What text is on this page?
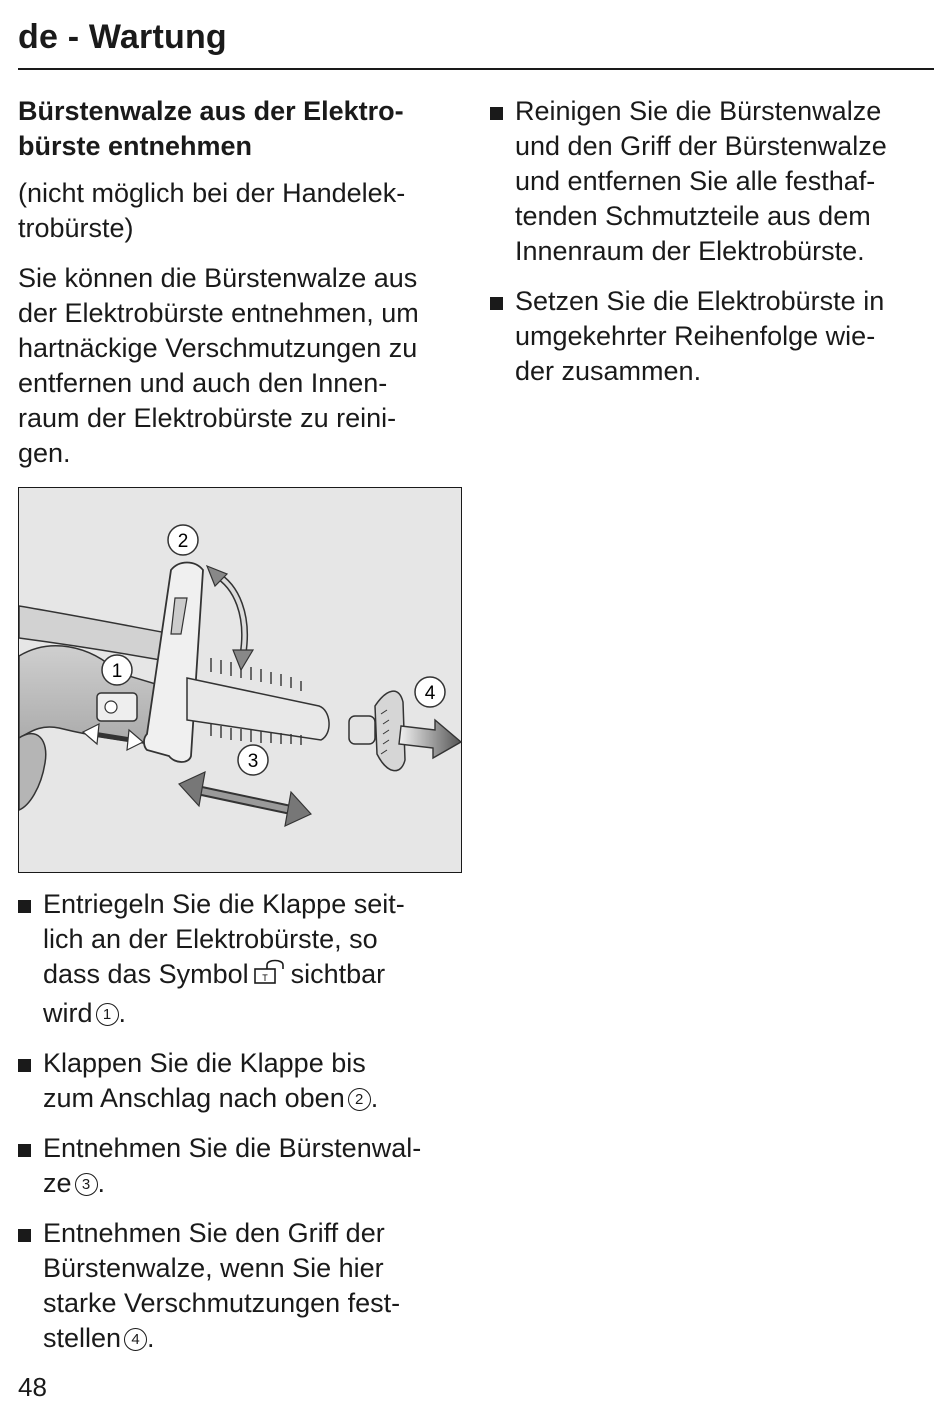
de - Wartung
Bürstenwalze aus der Elektro-
bürste entnehmen

(nicht möglich bei der Handelek-
trobürste)

Sie können die Bürstenwalze aus
der Elektrobürste entnehmen, um
hartnäckige Verschmutzungen zu
entfernen und auch den Innen-
raum der Elektrobürste zu reini-
gen.

1
2
3
4
Entriegeln Sie die Klappe seit-
lich an der Elektrobürste, so
dass das Symbol T sichtbar
wird 1 .
Klappen Sie die Klappe bis
zum Anschlag nach oben 2 .
Entnehmen Sie die Bürstenwal-
ze 3 .
Entnehmen Sie den Griff der
Bürstenwalze, wenn Sie hier
starke Verschmutzungen fest-
stellen 4 .
Reinigen Sie die Bürstenwalze
und den Griff der Bürstenwalze
und entfernen Sie alle festhaf-
tenden Schmutzteile aus dem
Innenraum der Elektrobürste.
Setzen Sie die Elektrobürste in
umgekehrter Reihenfolge wie-
der zusammen.
48
